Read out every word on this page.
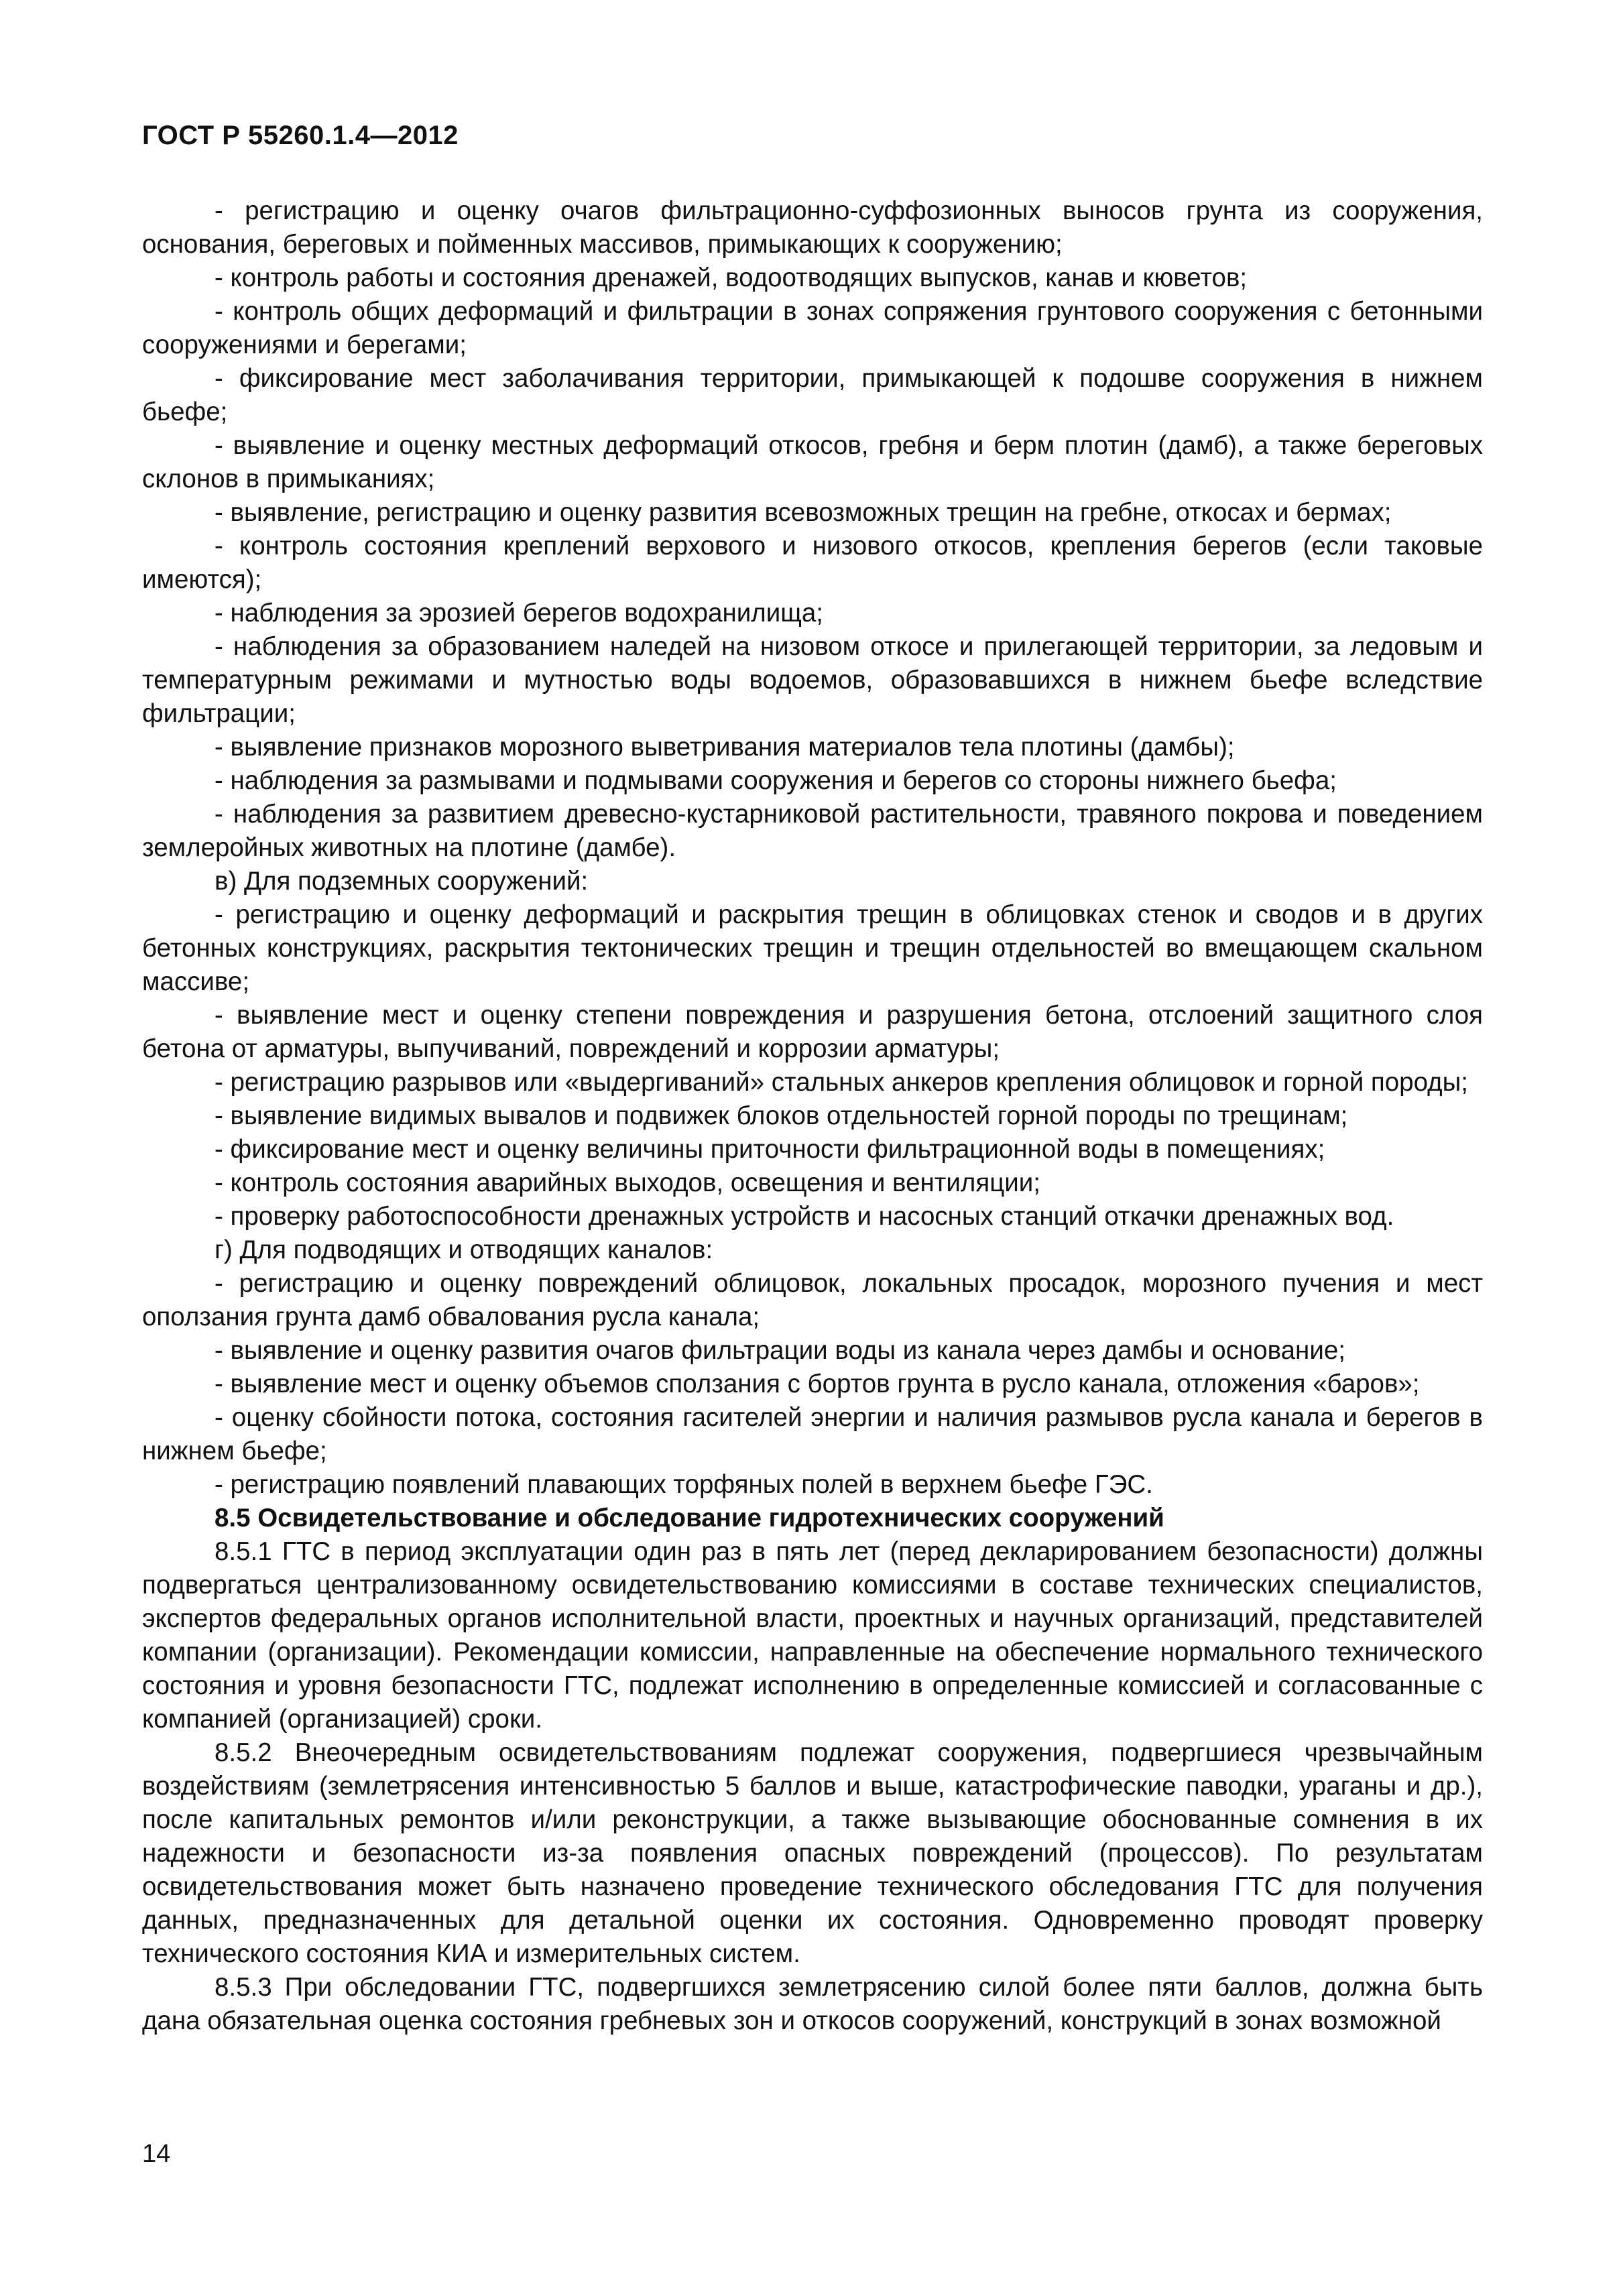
ГОСТ Р 55260.1.4—2012

- регистрацию и оценку очагов фильтрационно-суффозионных выносов грунта из сооружения, основания, береговых и пойменных массивов, примыкающих к сооружению;

- контроль работы и состояния дренажей, водоотводящих выпусков, канав и кюветов;

- контроль общих деформаций и фильтрации в зонах сопряжения грунтового сооружения с бетонными сооружениями и берегами;

- фиксирование мест заболачивания территории, примыкающей к подошве сооружения в нижнем бьефе;

- выявление и оценку местных деформаций откосов, гребня и берм плотин (дамб), а также береговых склонов в примыканиях;

- выявление, регистрацию и оценку развития всевозможных трещин на гребне, откосах и бермах;

- контроль состояния креплений верхового и низового откосов, крепления берегов (если таковые имеются);

- наблюдения за эрозией берегов водохранилища;

- наблюдения за образованием наледей на низовом откосе и прилегающей территории, за ледовым и температурным режимами и мутностью воды водоемов, образовавшихся в нижнем бьефе вследствие фильтрации;

- выявление признаков морозного выветривания материалов тела плотины (дамбы);

- наблюдения за размывами и подмывами сооружения и берегов со стороны нижнего бьефа;

- наблюдения за развитием древесно-кустарниковой растительности, травяного покрова и поведением землеройных животных на плотине (дамбе).

в) Для подземных сооружений:

- регистрацию и оценку деформаций и раскрытия трещин в облицовках стенок и сводов и в других бетонных конструкциях, раскрытия тектонических трещин и трещин отдельностей во вмещающем скальном массиве;

- выявление мест и оценку степени повреждения и разрушения бетона, отслоений защитного слоя бетона от арматуры, выпучиваний, повреждений и коррозии арматуры;

- регистрацию разрывов или «выдергиваний» стальных анкеров крепления облицовок и горной породы;

- выявление видимых вывалов и подвижек блоков отдельностей горной породы по трещинам;

- фиксирование мест и оценку величины приточности фильтрационной воды в помещениях;

- контроль состояния аварийных выходов, освещения и вентиляции;

- проверку работоспособности дренажных устройств и насосных станций откачки дренажных вод.

г) Для подводящих и отводящих каналов:

- регистрацию и оценку повреждений облицовок, локальных просадок, морозного пучения и мест оползания грунта дамб обвалования русла канала;

- выявление и оценку развития очагов фильтрации воды из канала через дамбы и основание;

- выявление мест и оценку объемов сползания с бортов грунта в русло канала, отложения «баров»;

- оценку сбойности потока, состояния гасителей энергии и наличия размывов русла канала и берегов в нижнем бьефе;

- регистрацию появлений плавающих торфяных полей в верхнем бьефе ГЭС.

8.5 Освидетельствование и обследование гидротехнических сооружений

8.5.1 ГТС в период эксплуатации один раз в пять лет (перед декларированием безопасности) должны подвергаться централизованному освидетельствованию комиссиями в составе технических специалистов, экспертов федеральных органов исполнительной власти, проектных и научных организаций, представителей компании (организации). Рекомендации комиссии, направленные на обеспечение нормального технического состояния и уровня безопасности ГТС, подлежат исполнению в определенные комиссией и согласованные с компанией (организацией) сроки.

8.5.2 Внеочередным освидетельствованиям подлежат сооружения, подвергшиеся чрезвычайным воздействиям (землетрясения интенсивностью 5 баллов и выше, катастрофические паводки, ураганы и др.), после капитальных ремонтов и/или реконструкции, а также вызывающие обоснованные сомнения в их надежности и безопасности из-за появления опасных повреждений (процессов). По результатам освидетельствования может быть назначено проведение технического обследования ГТС для получения данных, предназначенных для детальной оценки их состояния. Одновременно проводят проверку технического состояния КИА и измерительных систем.

8.5.3 При обследовании ГТС, подвергшихся землетрясению силой более пяти баллов, должна быть дана обязательная оценка состояния гребневых зон и откосов сооружений, конструкций в зонах возможной

14
